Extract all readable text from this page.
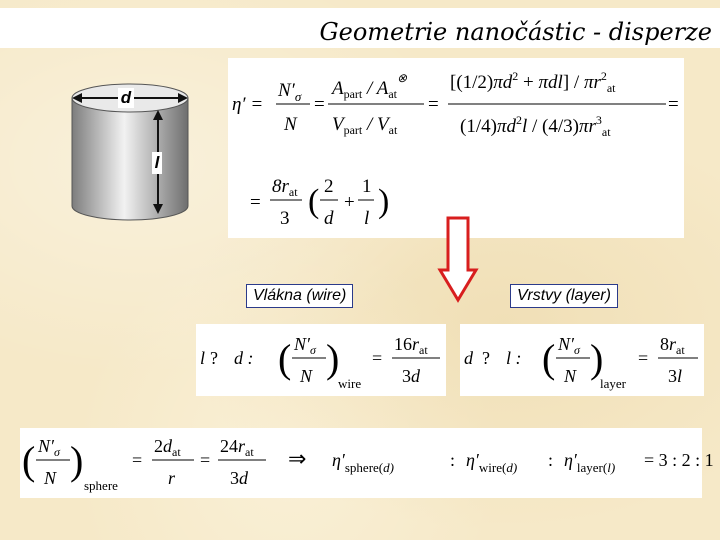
Geometrie nanočástic - disperze
d
l
η′ =
$N'_\sigma$
N
=
$A_{part} / A_{at}^\otimes$
$V_{part} / V_{at}$
=
$[(1/2)\pi d^2 + \pi dl] / \pi r^2_{at}$
$(1/4)\pi d^2l / (4/3)\pi r^3_{at}$
=
=
$8r_{at}$
3 ( 2
d
+
1
l )
Vlákna (wire)	Vrstvy (layer)
l ? d : ( $N'_\sigma$
N )
wire
=
$16r_{at}$
3d
d ? l : ( $N'_\sigma$
N )
layer
=
$8r_{at}$
3l
( $N'_\sigma$
N )
sphere
=
$2d_{at}$
r
=
$24r_{at}$
3d
⇒ $\eta'_{sphere(}d$)	: $\eta'_{wire(}d$) : $\eta'_{layer(}l) = 3$ : 2 : 1
